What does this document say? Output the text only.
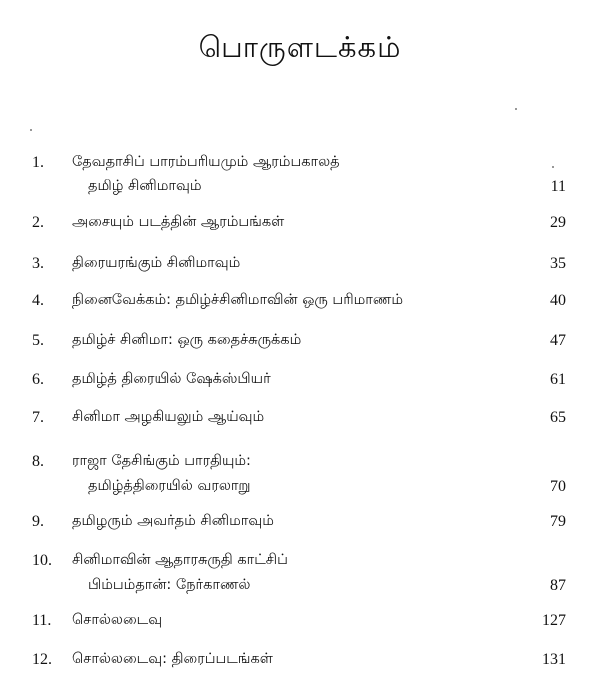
பொருளடக்கம்
1. தேவதாசிப் பாரம்பரியமும் ஆரம்பகாலத்
தமிழ் சினிமாவும்	11
2. அசையும் படத்தின் ஆரம்பங்கள்	29
3. திரையரங்கும் சினிமாவும்	35
4. நினைவேக்கம்: தமிழ்ச்சினிமாவின் ஒரு பரிமாணம்	40
5. தமிழ்ச் சினிமா: ஒரு கதைச்சுருக்கம்	47
6. தமிழ்த் திரையில் ஷேக்ஸ்பியர்	61
7. சினிமா அழகியலும் ஆய்வும்	65
8. ராஜா தேசிங்கும் பாரதியும்:
தமிழ்த்திரையில் வரலாறு	70
9. தமிழரும் அவர்தம் சினிமாவும்	79
10. சினிமாவின் ஆதாரசுருதி காட்சிப்
பிம்பம்தான்: நேர்காணல்	87
11. சொல்லடைவு	127
12. சொல்லடைவு: திரைப்படங்கள்	131
